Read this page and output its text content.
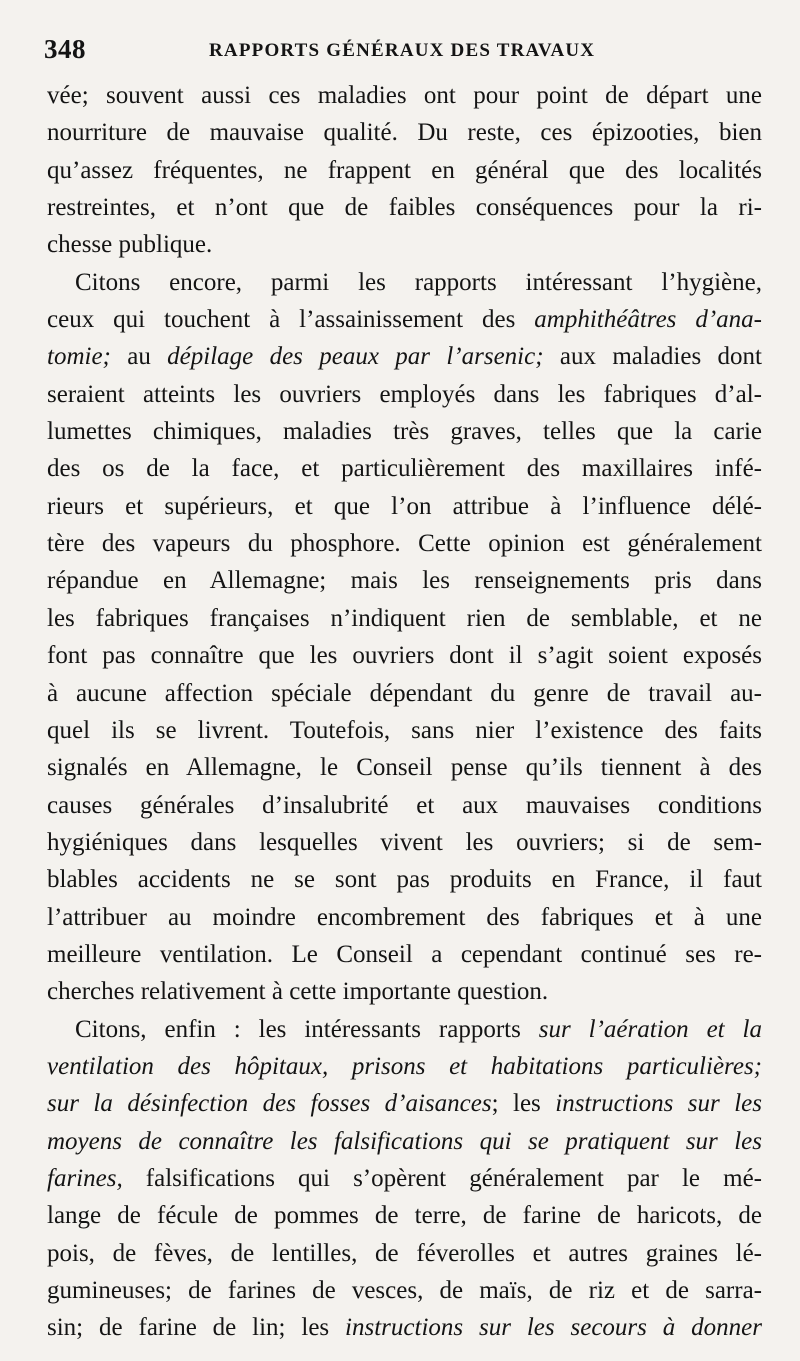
348	RAPPORTS GÉNÉRAUX DES TRAVAUX
vée; souvent aussi ces maladies ont pour point de départ une
nourriture de mauvaise qualité. Du reste, ces épizooties, bien
qu’assez fréquentes, ne frappent en général que des localités
restreintes, et n’ont que de faibles conséquences pour la ri-
chesse publique.
Citons encore, parmi les rapports intéressant l’hygiène,
ceux qui touchent à l’assainissement des amphithéâtres d’ana-
tomie; au dépilage des peaux par l’arsenic; aux maladies dont
seraient atteints les ouvriers employés dans les fabriques d’al-
lumettes chimiques, maladies très graves, telles que la carie
des os de la face, et particulièrement des maxillaires infé-
rieurs et supérieurs, et que l’on attribue à l’influence délé-
tère des vapeurs du phosphore. Cette opinion est généralement
répandue en Allemagne; mais les renseignements pris dans
les fabriques françaises n’indiquent rien de semblable, et ne
font pas connaître que les ouvriers dont il s’agit soient exposés
à aucune affection spéciale dépendant du genre de travail au-
quel ils se livrent. Toutefois, sans nier l’existence des faits
signalés en Allemagne, le Conseil pense qu’ils tiennent à des
causes générales d’insalubrité et aux mauvaises conditions
hygiéniques dans lesquelles vivent les ouvriers; si de sem-
blables accidents ne se sont pas produits en France, il faut
l’attribuer au moindre encombrement des fabriques et à une
meilleure ventilation. Le Conseil a cependant continué ses re-
cherches relativement à cette importante question.
Citons, enfin : les intéressants rapports sur l’aération et la
ventilation des hôpitaux, prisons et habitations particulières;
sur la désinfection des fosses d’aisances; les instructions sur les
moyens de connaître les falsifications qui se pratiquent sur les
farines, falsifications qui s’opèrent généralement par le mé-
lange de fécule de pommes de terre, de farine de haricots, de
pois, de fèves, de lentilles, de féverolles et autres graines lé-
gumineuses; de farines de vesces, de maïs, de riz et de sarra-
sin; de farine de lin; les instructions sur les secours à donner
